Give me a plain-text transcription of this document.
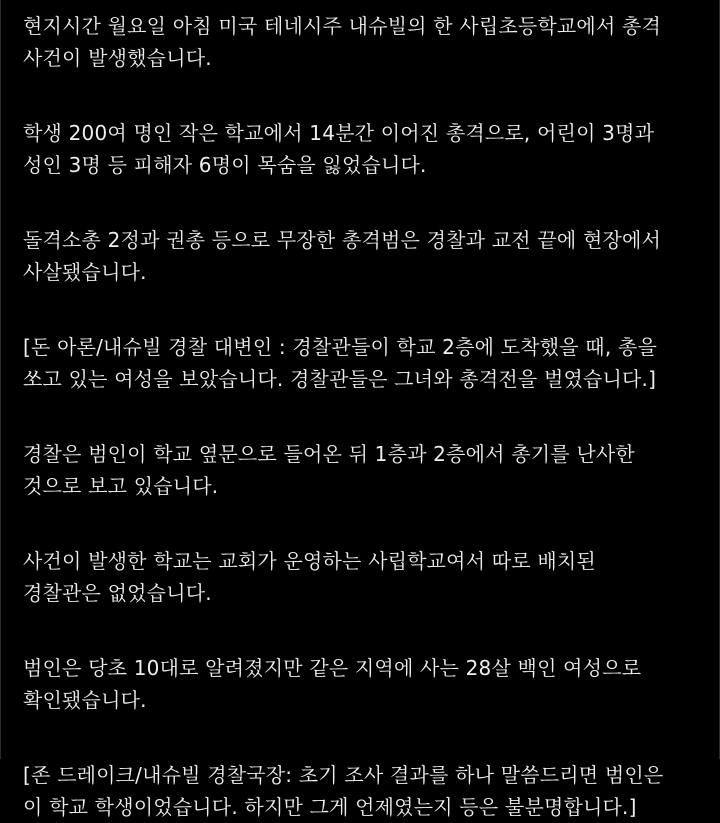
현지시간 월요일 아침 미국 테네시주 내슈빌의 한 사립초등학교에서 총격
사건이 발생했습니다.

학생 200여 명인 작은 학교에서 14분간 이어진 총격으로, 어린이 3명과
성인 3명 등 피해자 6명이 목숨을 잃었습니다.

돌격소총 2정과 권총 등으로 무장한 총격범은 경찰과 교전 끝에 현장에서
사살됐습니다.

[돈 아론/내슈빌 경찰 대변인 : 경찰관들이 학교 2층에 도착했을 때, 총을
쏘고 있는 여성을 보았습니다. 경찰관들은 그녀와 총격전을 벌였습니다.]

경찰은 범인이 학교 옆문으로 들어온 뒤 1층과 2층에서 총기를 난사한
것으로 보고 있습니다.

사건이 발생한 학교는 교회가 운영하는 사립학교여서 따로 배치된
경찰관은 없었습니다.

범인은 당초 10대로 알려졌지만 같은 지역에 사는 28살 백인 여성으로
확인됐습니다.

[존 드레이크/내슈빌 경찰국장: 초기 조사 결과를 하나 말씀드리면 범인은
이 학교 학생이었습니다. 하지만 그게 언제였는지 등은 불분명합니다.]
